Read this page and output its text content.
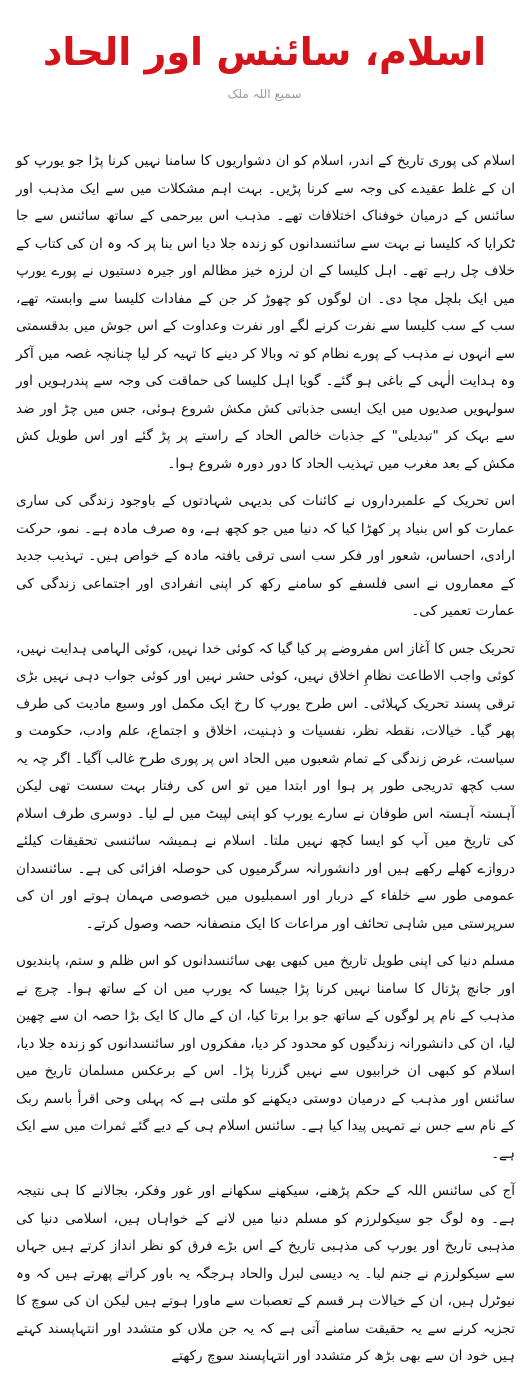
اسلام، سائنس اور الحاد
سمیع اللہ ملک

اسلام کی پوری تاریخ کے اندر، اسلام کو ان دشواریوں کا سامنا نہیں کرنا پڑا جو یورپ کو ان کے غلط عقیدے کی وجہ سے کرنا پڑیں۔ بہت اہم مشکلات میں سے ایک مذہب اور سائنس کے درمیان خوفناک اختلافات تھے۔ مذہب اس بیرحمی کے ساتھ سائنس سے جا ٹکرایا کہ کلیسا نے بہت سے سائنسدانوں کو زندہ جلا دیا اس بنا پر کہ وہ ان کی کتاب کے خلاف چل رہے تھے۔ اہل کلیسا کے ان لرزہ خیز مظالم اور جیرہ دستیوں نے پورے یورپ میں ایک بلچل مچا دی۔ ان لوگوں کو چھوڑ کر جن کے مفادات کلیسا سے وابستہ تھے، سب کے سب کلیسا سے نفرت کرنے لگے اور نفرت وعداوت کے اس جوش میں بدقسمتی سے انہوں نے مذہب کے پورے نظام کو تہ وبالا کر دینے کا تہیہ کر لیا چنانچہ غصہ میں آکر وہ ہدایت الٰہی کے باغی ہو گئے۔ گویا اہل کلیسا کی حماقت کی وجہ سے پندرہویں اور سولہویں صدیوں میں ایک ایسی جذباتی کش مکش شروع ہوئی، جس میں چڑ اور ضد سے بہک کر "تبدیلی" کے جذبات خالص الحاد کے راستے پر پڑ گئے اور اس طویل کش مکش کے بعد مغرب میں تہذیب الحاد کا دور دورہ شروع ہوا۔

اس تحریک کے علمبرداروں نے کائنات کی بدیہی شہادتوں کے باوجود زندگی کی ساری عمارت کو اس بنیاد پر کھڑا کیا کہ دنیا میں جو کچھ ہے، وہ صرف مادہ ہے۔ نمو، حرکت ارادی، احساس، شعور اور فکر سب اسی ترقی یافتہ مادہ کے خواص ہیں۔ تہذیب جدید کے معماروں نے اسی فلسفے کو سامنے رکھ کر اپنی انفرادی اور اجتماعی زندگی کی عمارت تعمیر کی۔

تحریک جس کا آغاز اس مفروضے پر کیا گیا کہ کوئی خدا نہیں، کوئی الہامی ہدایت نہیں، کوئی واجب الاطاعت نظامِ اخلاق نہیں، کوئی حشر نہیں اور کوئی جواب دہی نہیں بڑی ترقی پسند تحریک کہلائی۔ اس طرح یورپ کا رخ ایک مکمل اور وسیع مادیت کی طرف پھر گیا۔ خیالات، نقطہ نظر، نفسیات و ذہنیت، اخلاق و اجتماع، علم وادب، حکومت و سیاست، غرض زندگی کے تمام شعبوں میں الحاد اس پر پوری طرح غالب آگیا۔ اگر چہ یہ سب کچھ تدریجی طور پر ہوا اور ابتدا میں تو اس کی رفتار بہت سست تھی لیکن آہستہ آہستہ اس طوفان نے سارے یورپ کو اپنی لپیٹ میں لے لیا۔ دوسری طرف اسلام کی تاریخ میں آپ کو ایسا کچھ نہیں ملتا۔ اسلام نے ہمیشہ سائنسی تحقیقات کیلئے دروازے کھلے رکھے ہیں اور دانشورانہ سرگرمیوں کی حوصلہ افزائی کی ہے۔ سائنسدان عمومی طور سے خلفاء کے دربار اور اسمبلیوں میں خصوصی مہمان ہوتے اور ان کی سرپرستی میں شاہی تحائف اور مراعات کا ایک منصفانہ حصہ وصول کرتے۔

مسلم دنیا کی اپنی طویل تاریخ میں کبھی بھی سائنسدانوں کو اس ظلم و ستم، پابندیوں اور جانچ پڑتال کا سامنا نہیں کرنا پڑا جیسا کہ یورپ میں ان کے ساتھ ہوا۔ چرچ نے مذہب کے نام پر لوگوں کے ساتھ جو برا برتا کیا، ان کے مال کا ایک بڑا حصہ ان سے چھین لیا، ان کی دانشورانہ زندگیوں کو محدود کر دیا، مفکروں اور سائنسدانوں کو زندہ جلا دیا، اسلام کو کبھی ان خرابیوں سے نہیں گزرنا پڑا۔ اس کے برعکس مسلمان تاریخ میں سائنس اور مذہب کے درمیان دوستی دیکھنے کو ملتی ہے کہ پہلی وحی اقرأ باسم ربک کے نام سے جس نے تمہیں پیدا کیا ہے۔ سائنس اسلام ہی کے دیے گئے ثمرات میں سے ایک ہے۔

آج کی سائنس اللہ کے حکم پڑھنے، سیکھنے سکھانے اور غور وفکر، بجالانے کا ہی نتیجہ ہے۔ وہ لوگ جو سیکولرزم کو مسلم دنیا میں لانے کے خواہاں ہیں، اسلامی دنیا کی مذہبی تاریخ اور یورپ کی مذہبی تاریخ کے اس بڑے فرق کو نظر انداز کرتے ہیں جہاں سے سیکولرزم نے جنم لیا۔ یہ دیسی لبرل والحاد ہرجگہ یہ باور کراتے پھرتے ہیں کہ وہ نیوٹرل ہیں، ان کے خیالات ہر قسم کے تعصبات سے ماورا ہوتے ہیں لیکن ان کی سوچ کا تجزیہ کرنے سے یہ حقیقت سامنے آتی ہے کہ یہ جن ملاں کو متشدد اور انتہاپسند کہتے ہیں خود ان سے بھی بڑھ کر متشدد اور انتہاپسند سوچ رکھتے
